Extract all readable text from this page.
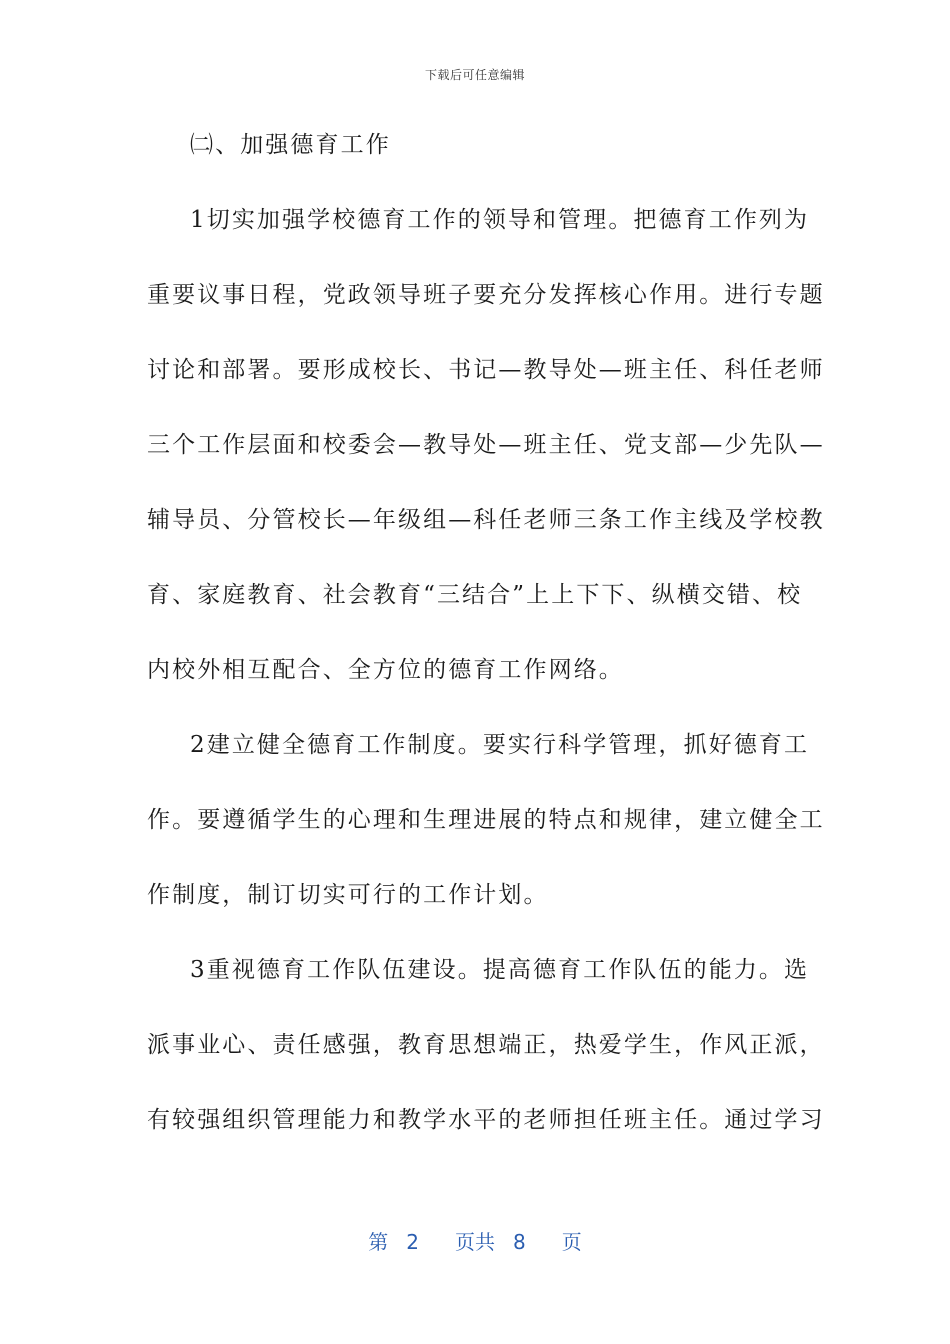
下载后可任意编辑
㈡、加强德育工作
1切实加强学校德育工作的领导和管理。把德育工作列为
重要议事日程，党政领导班子要充分发挥核心作用。进行专题
讨论和部署。要形成校长、书记—教导处—班主任、科任老师
三个工作层面和校委会—教导处—班主任、党支部—少先队—
辅导员、分管校长—年级组—科任老师三条工作主线及学校教
育、家庭教育、社会教育“三结合”上上下下、纵横交错、校
内校外相互配合、全方位的德育工作网络。
2建立健全德育工作制度。要实行科学管理，抓好德育工
作。要遵循学生的心理和生理进展的特点和规律，建立健全工
作制度，制订切实可行的工作计划。
3重视德育工作队伍建设。提高德育工作队伍的能力。选
派事业心、责任感强，教育思想端正，热爱学生，作风正派，
有较强组织管理能力和教学水平的老师担任班主任。通过学习
第 2 页共 8 页
